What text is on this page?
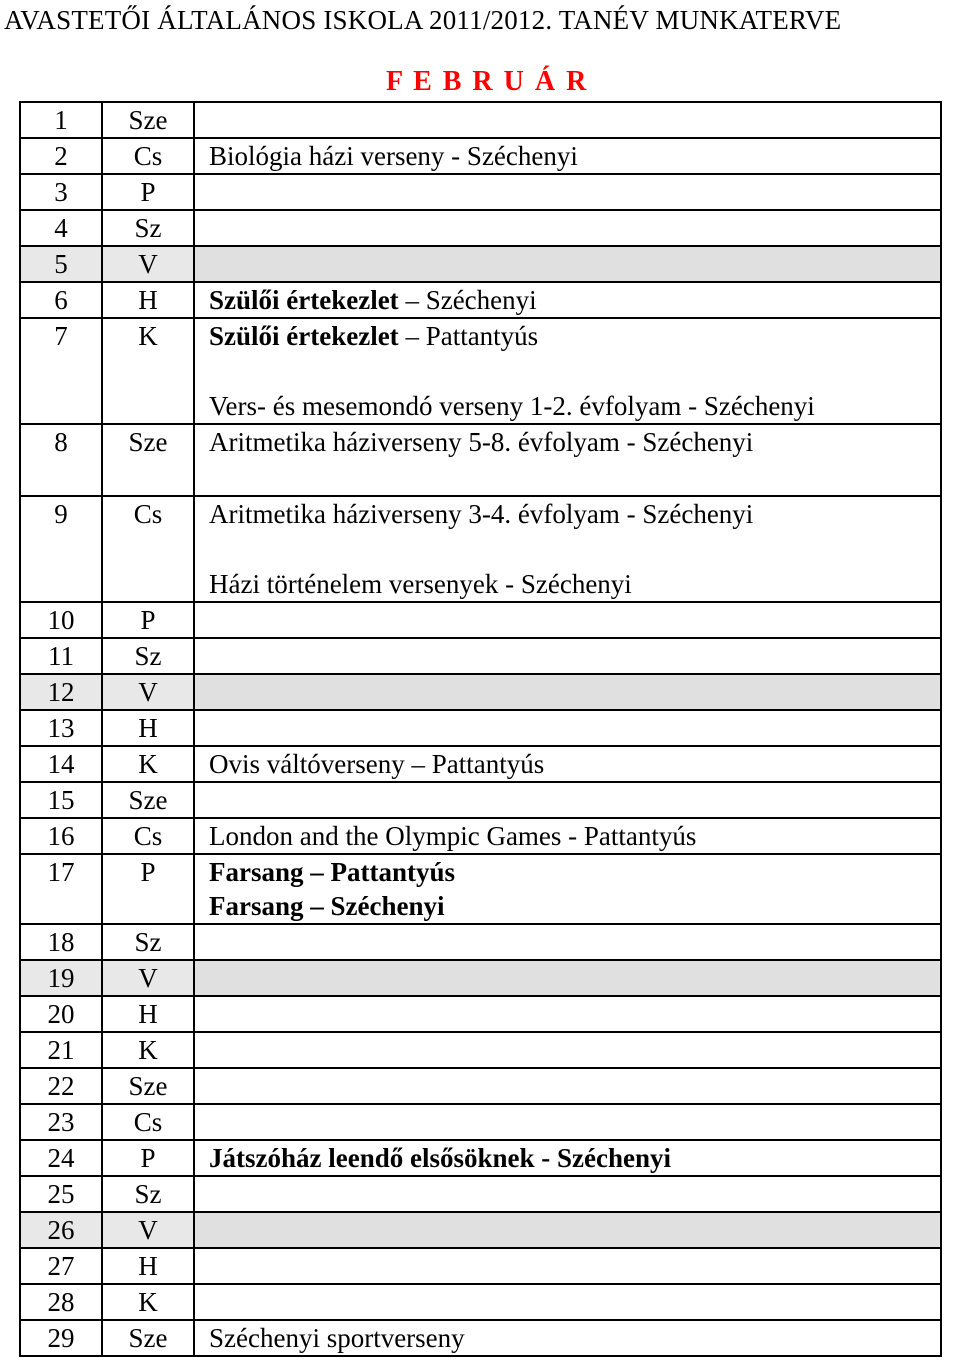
AVASTETŐI ÁLTALÁNOS ISKOLA 2011/2012. TANÉV MUNKATERVE
F E B R U Á R
1	Sze	

2	Cs	Biológia házi verseny - Széchenyi

3	P	

4	Sz	

5	V	

6	H	Szülői értekezlet – Széchenyi

7	K	Szülői értekezlet – Pattantyús
Vers- és mesemondó verseny 1-2. évfolyam - Széchenyi

8	Sze	Aritmetika háziverseny 5-8. évfolyam - Széchenyi

9	Cs	Aritmetika háziverseny 3-4. évfolyam - Széchenyi
Házi történelem versenyek - Széchenyi

10	P	

11	Sz	

12	V	

13	H	

14	K	Ovis váltóverseny – Pattantyús

15	Sze	

16	Cs	London and the Olympic Games - Pattantyús

17	P	Farsang – Pattantyús
Farsang – Széchenyi

18	Sz	

19	V	

20	H	

21	K	

22	Sze	

23	Cs	

24	P	Játszóház leendő elsősöknek - Széchenyi

25	Sz	

26	V	

27	H	

28	K	

29	Sze	Széchenyi sportverseny
